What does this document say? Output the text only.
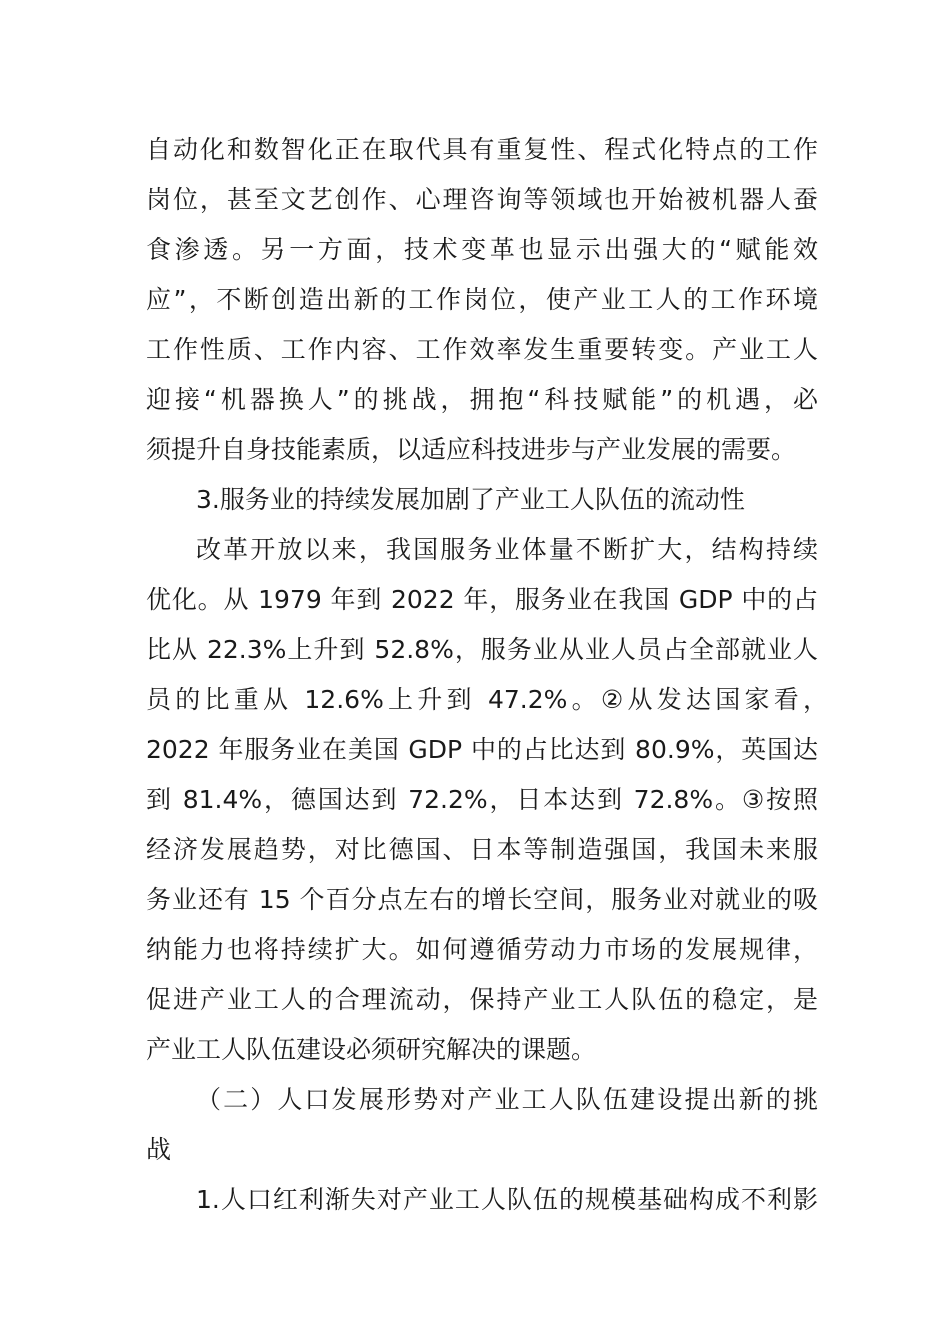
自动化和数智化正在取代具有重复性、程式化特点的工作
岗位，甚至文艺创作、心理咨询等领域也开始被机器人蚕
食渗透。另一方面，技术变革也显示出强大的“赋能效
应”，不断创造出新的工作岗位，使产业工人的工作环境
工作性质、工作内容、工作效率发生重要转变。产业工人
迎接“机器换人”的挑战，拥抱“科技赋能”的机遇，必
须提升自身技能素质，以适应科技进步与产业发展的需要。
3.服务业的持续发展加剧了产业工人队伍的流动性
改革开放以来，我国服务业体量不断扩大，结构持续
优化。从 1979 年到 2022 年，服务业在我国 GDP 中的占
比从 22.3%上升到 52.8%，服务业从业人员占全部就业人
员的比重从 12.6%上升到 47.2%。②从发达国家看，
2022 年服务业在美国 GDP 中的占比达到 80.9%，英国达
到 81.4%，德国达到 72.2%，日本达到 72.8%。③按照
经济发展趋势，对比德国、日本等制造强国，我国未来服
务业还有 15 个百分点左右的增长空间，服务业对就业的吸
纳能力也将持续扩大。如何遵循劳动力市场的发展规律，
促进产业工人的合理流动，保持产业工人队伍的稳定，是
产业工人队伍建设必须研究解决的课题。
（二）人口发展形势对产业工人队伍建设提出新的挑
战
1.人口红利渐失对产业工人队伍的规模基础构成不利影
